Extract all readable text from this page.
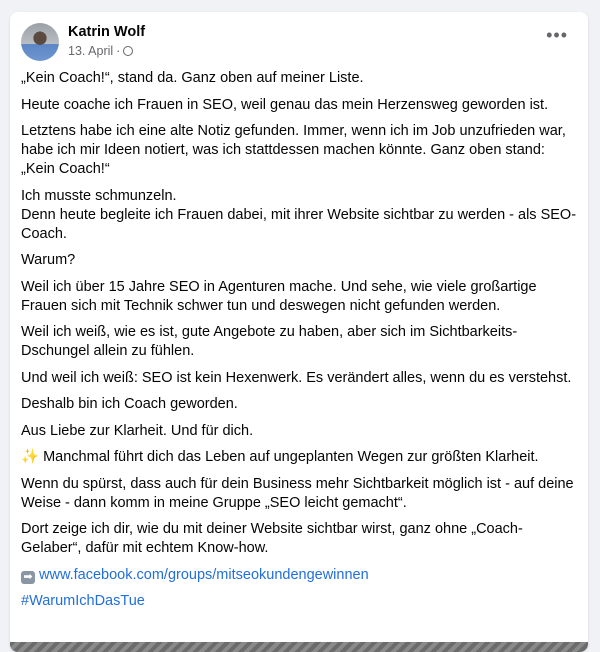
Katrin Wolf
13. April ·
•••

„Kein Coach!“, stand da. Ganz oben auf meiner Liste.

Heute coache ich Frauen in SEO, weil genau das mein Herzensweg geworden ist.

Letztens habe ich eine alte Notiz gefunden. Immer, wenn ich im Job unzufrieden war,
habe ich mir Ideen notiert, was ich stattdessen machen könnte. Ganz oben stand:
„Kein Coach!“

Ich musste schmunzeln.
Denn heute begleite ich Frauen dabei, mit ihrer Website sichtbar zu werden - als SEO-
Coach.

Warum?

Weil ich über 15 Jahre SEO in Agenturen mache. Und sehe, wie viele großartige
Frauen sich mit Technik schwer tun und deswegen nicht gefunden werden.

Weil ich weiß, wie es ist, gute Angebote zu haben, aber sich im Sichtbarkeits-
Dschungel allein zu fühlen.

Und weil ich weiß: SEO ist kein Hexenwerk. Es verändert alles, wenn du es verstehst.

Deshalb bin ich Coach geworden.

Aus Liebe zur Klarheit. Und für dich.

✨ Manchmal führt dich das Leben auf ungeplanten Wegen zur größten Klarheit.

Wenn du spürst, dass auch für dein Business mehr Sichtbarkeit möglich ist - auf deine
Weise - dann komm in meine Gruppe „SEO leicht gemacht“.

Dort zeige ich dir, wie du mit deiner Website sichtbar wirst, ganz ohne „Coach-
Gelaber“, dafür mit echtem Know-how.

➡ www.facebook.com/groups/mitseokundengewinnen

#WarumIchDasTue
